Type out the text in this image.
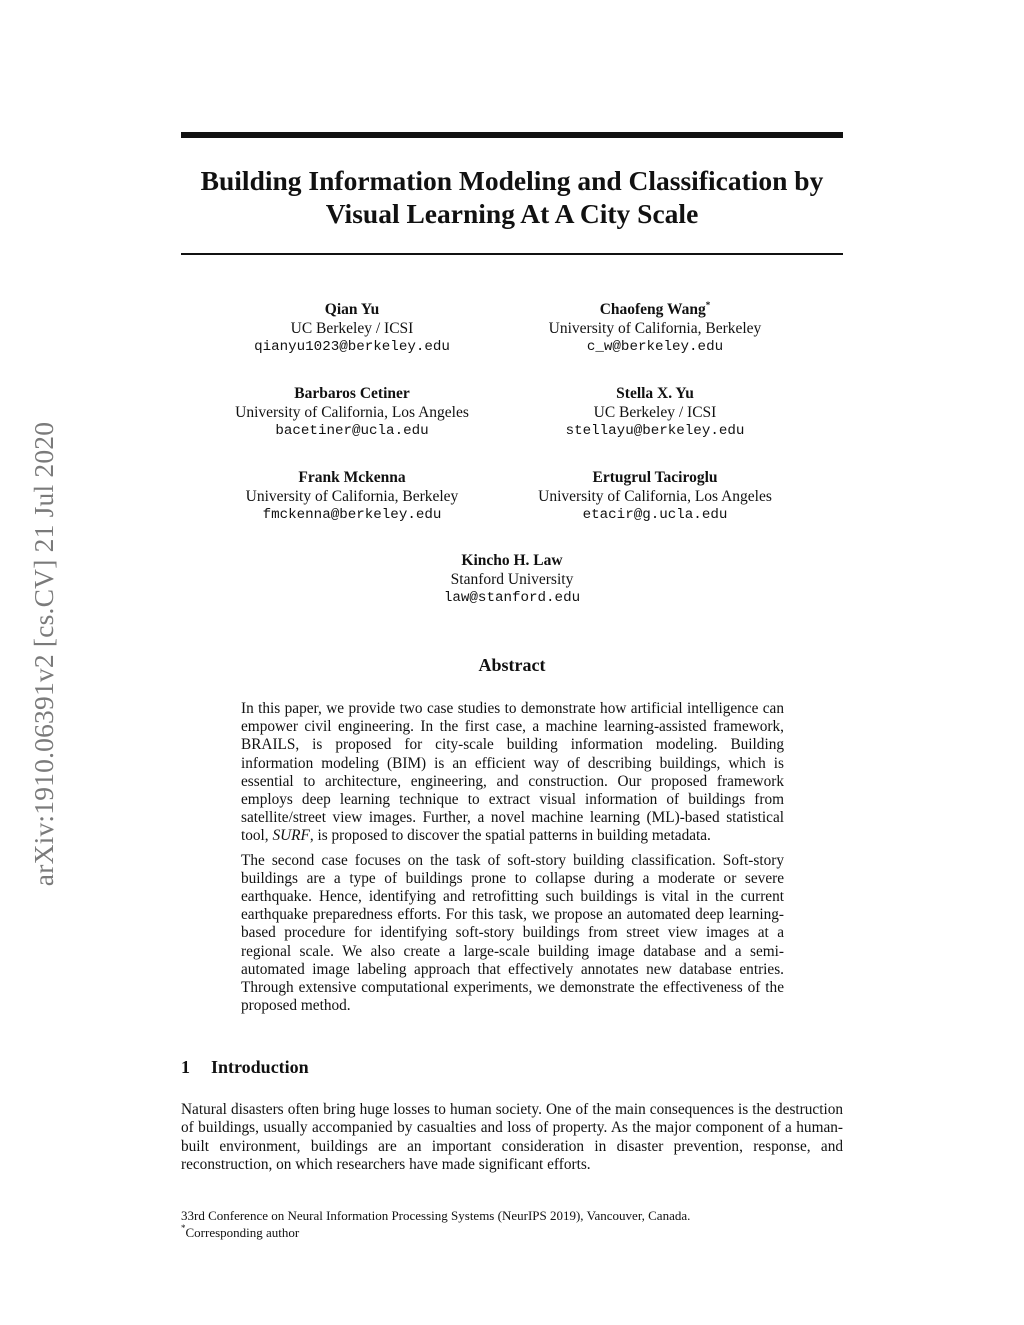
arXiv:1910.06391v2 [cs.CV] 21 Jul 2020
Building Information Modeling and Classification by Visual Learning At A City Scale
Qian Yu
UC Berkeley / ICSI
qianyu1023@berkeley.edu
Chaofeng Wang*
University of California, Berkeley
c_w@berkeley.edu
Barbaros Cetiner
University of California, Los Angeles
bacetiner@ucla.edu
Stella X. Yu
UC Berkeley / ICSI
stellayu@berkeley.edu
Frank Mckenna
University of California, Berkeley
fmckenna@berkeley.edu
Ertugrul Taciroglu
University of California, Los Angeles
etacir@g.ucla.edu
Kincho H. Law
Stanford University
law@stanford.edu
Abstract

In this paper, we provide two case studies to demonstrate how artificial intelligence can empower civil engineering. In the first case, a machine learning-assisted framework, BRAILS, is proposed for city-scale building information modeling. Building information modeling (BIM) is an efficient way of describing buildings, which is essential to architecture, engineering, and construction. Our proposed framework employs deep learning technique to extract visual information of buildings from satellite/street view images. Further, a novel machine learning (ML)-based statistical tool, SURF, is proposed to discover the spatial patterns in building metadata.

The second case focuses on the task of soft-story building classification. Soft-story buildings are a type of buildings prone to collapse during a moderate or severe earthquake. Hence, identifying and retrofitting such buildings is vital in the current earthquake preparedness efforts. For this task, we propose an automated deep learning-based procedure for identifying soft-story buildings from street view images at a regional scale. We also create a large-scale building image database and a semi-automated image labeling approach that effectively annotates new database entries. Through extensive computational experiments, we demonstrate the effectiveness of the proposed method.

1 Introduction

Natural disasters often bring huge losses to human society. One of the main consequences is the destruction of buildings, usually accompanied by casualties and loss of property. As the major component of a human-built environment, buildings are an important consideration in disaster prevention, response, and reconstruction, on which researchers have made significant efforts.

33rd Conference on Neural Information Processing Systems (NeurIPS 2019), Vancouver, Canada.
*Corresponding author
